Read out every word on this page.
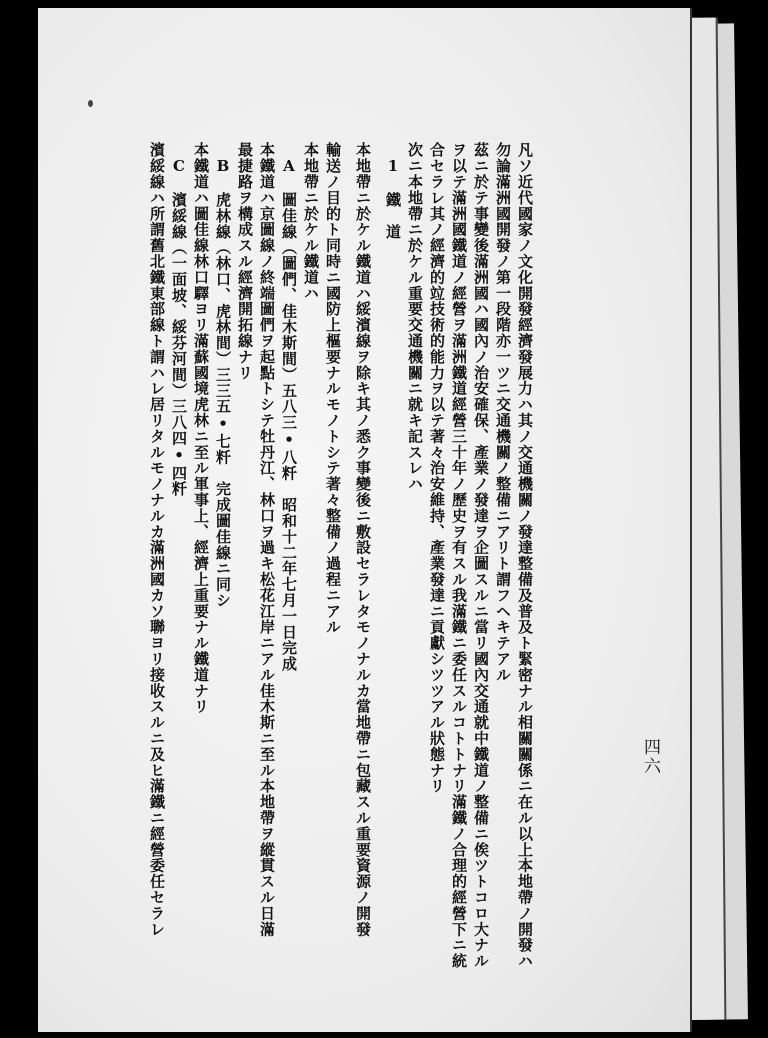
四六

凡ソ近代國家ノ文化開發經濟發展力ハ其ノ交通機關ノ發達整備及普及ト緊密ナル相關關係ニ在ル以上本地帶ノ開發ハ

勿論滿洲國開發ノ第一段階亦一ツニ交通機關ノ整備ニアリト謂フヘキテアル

茲ニ於テ事變後滿洲國ハ國內ノ治安確保、產業ノ發達ヲ企圖スルニ當リ國內交通就中鐵道ノ整備ニ俟ツトコロ大ナル

ヲ以テ滿洲國鐵道ノ經營ヲ滿洲鐵道經營三十年ノ歷史ヲ有スル我滿鐵ニ委任スルコトトナリ滿鐵ノ合理的經營下ニ統

合セラレ其ノ經濟的竝技術的能力ヲ以テ著々治安維持、產業發達ニ貢獻シツツアル狀態ナリ

次ニ本地帶ニ於ケル重要交通機關ニ就キ記スレハ

1　鐵　道

本地帶ニ於ケル鐵道ハ綏濱線ヲ除キ其ノ悉ク事變後ニ敷設セラレタモノナルカ當地帶ニ包藏スル重要資源ノ開發

輸送ノ目的ト同時ニ國防上樞要ナルモノトシテ著々整備ノ過程ニアル

本地帶ニ於ケル鐵道ハ

A　圖佳線（圖們、佳木斯間）五八三•八粁　昭和十二年七月一日完成

本鐵道ハ京圖線ノ終端圖們ヲ起點トシテ牡丹江、林口ヲ過キ松花江岸ニアル佳木斯ニ至ル本地帶ヲ縱貫スル日滿

最捷路ヲ構成スル經濟開拓線ナリ

B　虎林線（林口、虎林間）三三五•七粁　完成圖佳線ニ同シ

本鐵道ハ圖佳線林口驛ヨリ滿蘇國境虎林ニ至ル軍事上、經濟上重要ナル鐵道ナリ

C　濱綏線（一面坡、綏芬河間）三八四•四粁

濱綏線ハ所謂舊北鐵東部線ト謂ハレ居リタルモノナルカ滿洲國カソ聯ヨリ接收スルニ及ヒ滿鐵ニ經營委任セラレ
